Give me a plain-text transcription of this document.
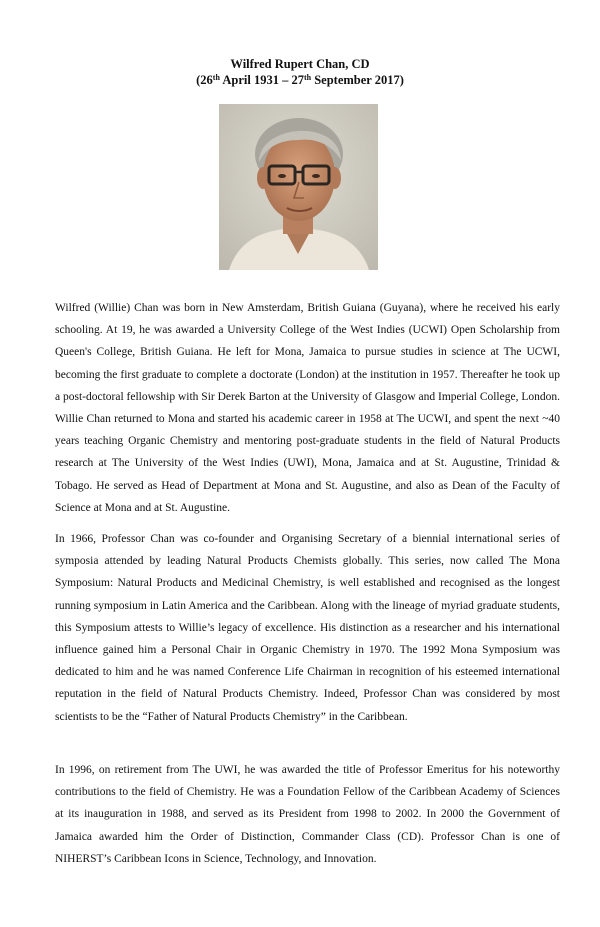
Wilfred Rupert Chan, CD
(26th April 1931 – 27th September 2017)

Wilfred (Willie) Chan was born in New Amsterdam, British Guiana (Guyana), where he received his early schooling. At 19, he was awarded a University College of the West Indies (UCWI) Open Scholarship from Queen's College, British Guiana. He left for Mona, Jamaica to pursue studies in science at The UCWI, becoming the first graduate to complete a doctorate (London) at the institution in 1957. Thereafter he took up a post-doctoral fellowship with Sir Derek Barton at the University of Glasgow and Imperial College, London. Willie Chan returned to Mona and started his academic career in 1958 at The UCWI, and spent the next ~40 years teaching Organic Chemistry and mentoring post-graduate students in the field of Natural Products research at The University of the West Indies (UWI), Mona, Jamaica and at St. Augustine, Trinidad & Tobago. He served as Head of Department at Mona and St. Augustine, and also as Dean of the Faculty of Science at Mona and at St. Augustine.

In 1966, Professor Chan was co-founder and Organising Secretary of a biennial international series of symposia attended by leading Natural Products Chemists globally. This series, now called The Mona Symposium: Natural Products and Medicinal Chemistry, is well established and recognised as the longest running symposium in Latin America and the Caribbean. Along with the lineage of myriad graduate students, this Symposium attests to Willie’s legacy of excellence. His distinction as a researcher and his international influence gained him a Personal Chair in Organic Chemistry in 1970. The 1992 Mona Symposium was dedicated to him and he was named Conference Life Chairman in recognition of his esteemed international reputation in the field of Natural Products Chemistry. Indeed, Professor Chan was considered by most scientists to be the “Father of Natural Products Chemistry” in the Caribbean.

In 1996, on retirement from The UWI, he was awarded the title of Professor Emeritus for his noteworthy contributions to the field of Chemistry. He was a Foundation Fellow of the Caribbean Academy of Sciences at its inauguration in 1988, and served as its President from 1998 to 2002. In 2000 the Government of Jamaica awarded him the Order of Distinction, Commander Class (CD). Professor Chan is one of NIHERST’s Caribbean Icons in Science, Technology, and Innovation.
